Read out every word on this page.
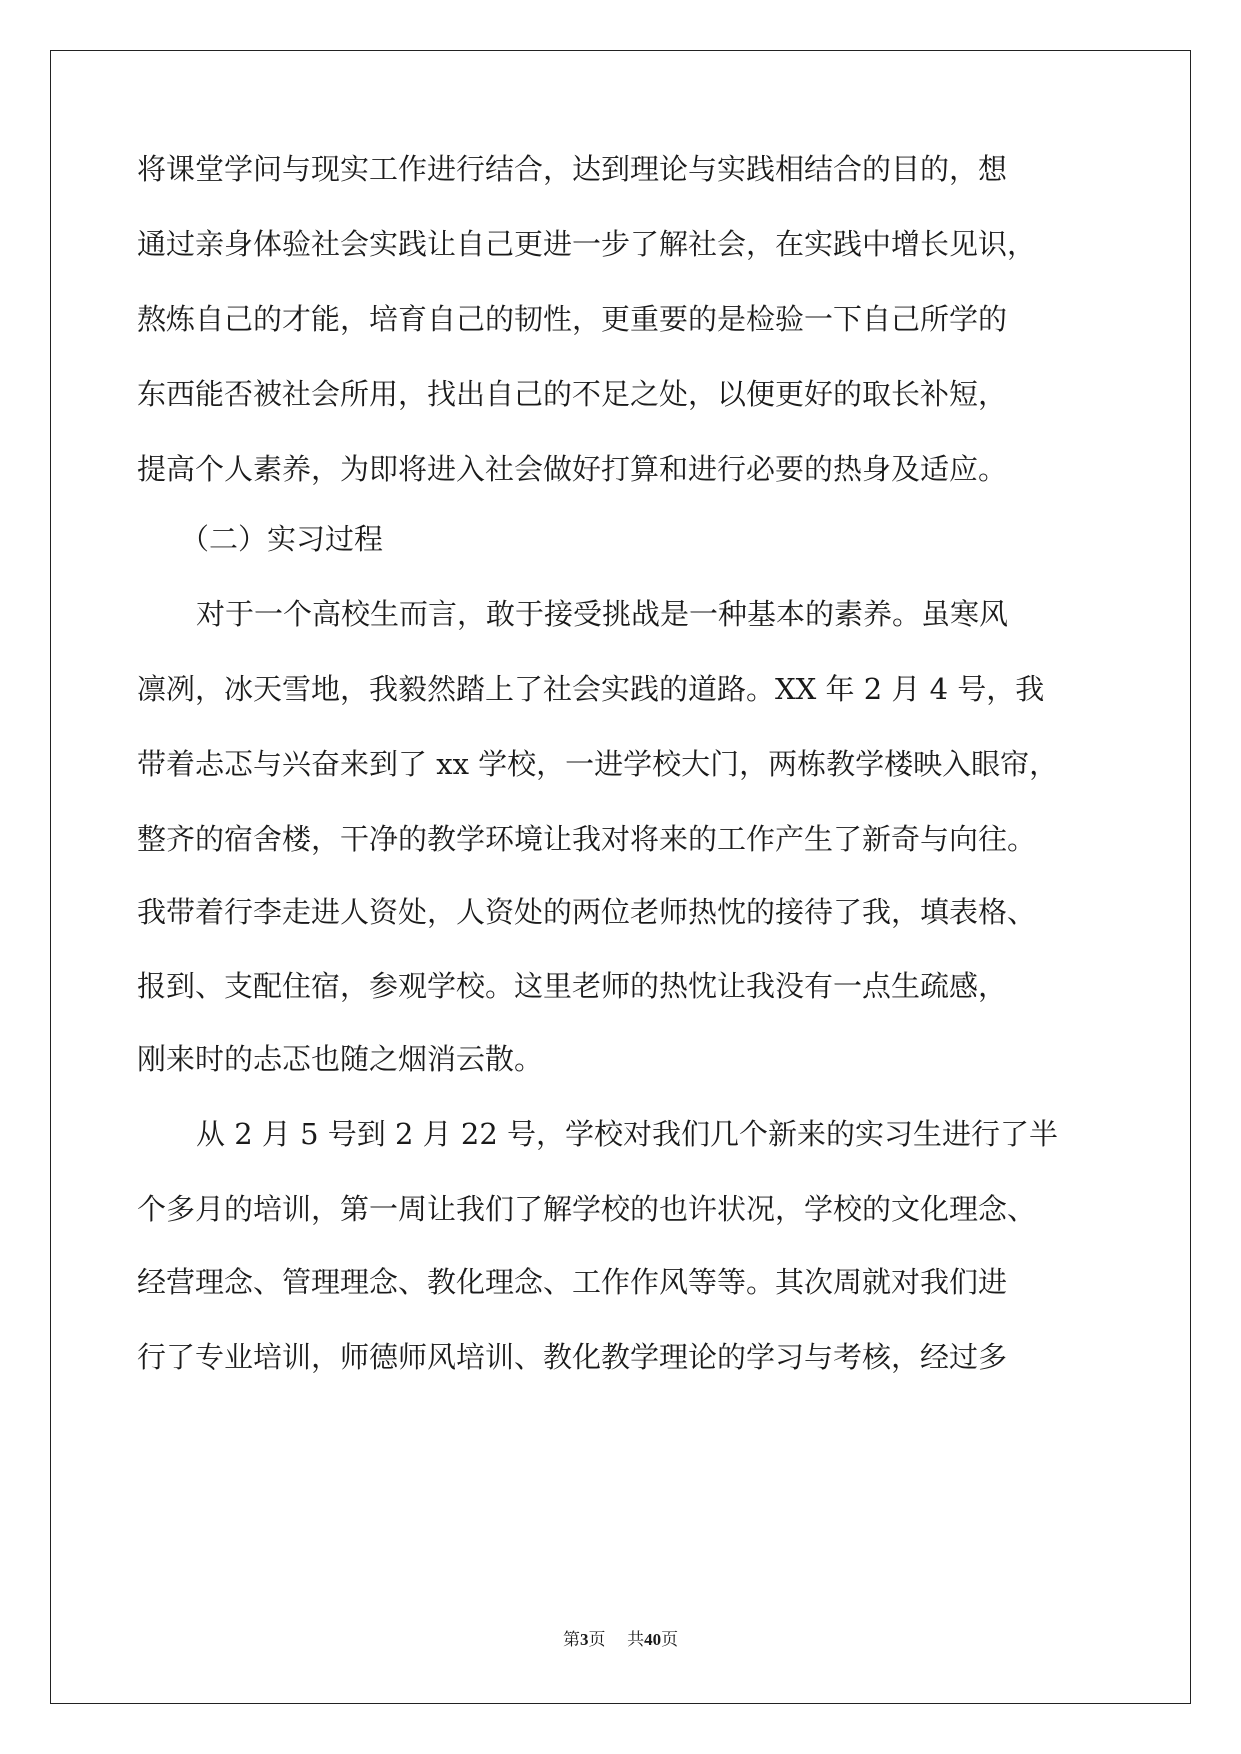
将课堂学问与现实工作进行结合，达到理论与实践相结合的目的，想
通过亲身体验社会实践让自己更进一步了解社会，在实践中增长见识，
熬炼自己的才能，培育自己的韧性，更重要的是检验一下自己所学的
东西能否被社会所用，找出自己的不足之处，以便更好的取长补短，
提高个人素养，为即将进入社会做好打算和进行必要的热身及适应。
（二）实习过程
对于一个高校生而言，敢于接受挑战是一种基本的素养。虽寒风
凛冽，冰天雪地，我毅然踏上了社会实践的道路。XX 年 2 月 4 号，我
带着忐忑与兴奋来到了 xx 学校，一进学校大门，两栋教学楼映入眼帘，
整齐的宿舍楼，干净的教学环境让我对将来的工作产生了新奇与向往。
我带着行李走进人资处，人资处的两位老师热忱的接待了我，填表格、
报到、支配住宿，参观学校。这里老师的热忱让我没有一点生疏感，
刚来时的忐忑也随之烟消云散。
从 2 月 5 号到 2 月 22 号，学校对我们几个新来的实习生进行了半
个多月的培训，第一周让我们了解学校的也许状况，学校的文化理念、
经营理念、管理理念、教化理念、工作作风等等。其次周就对我们进
行了专业培训，师德师风培训、教化教学理论的学习与考核，经过多
第3页 共40页
